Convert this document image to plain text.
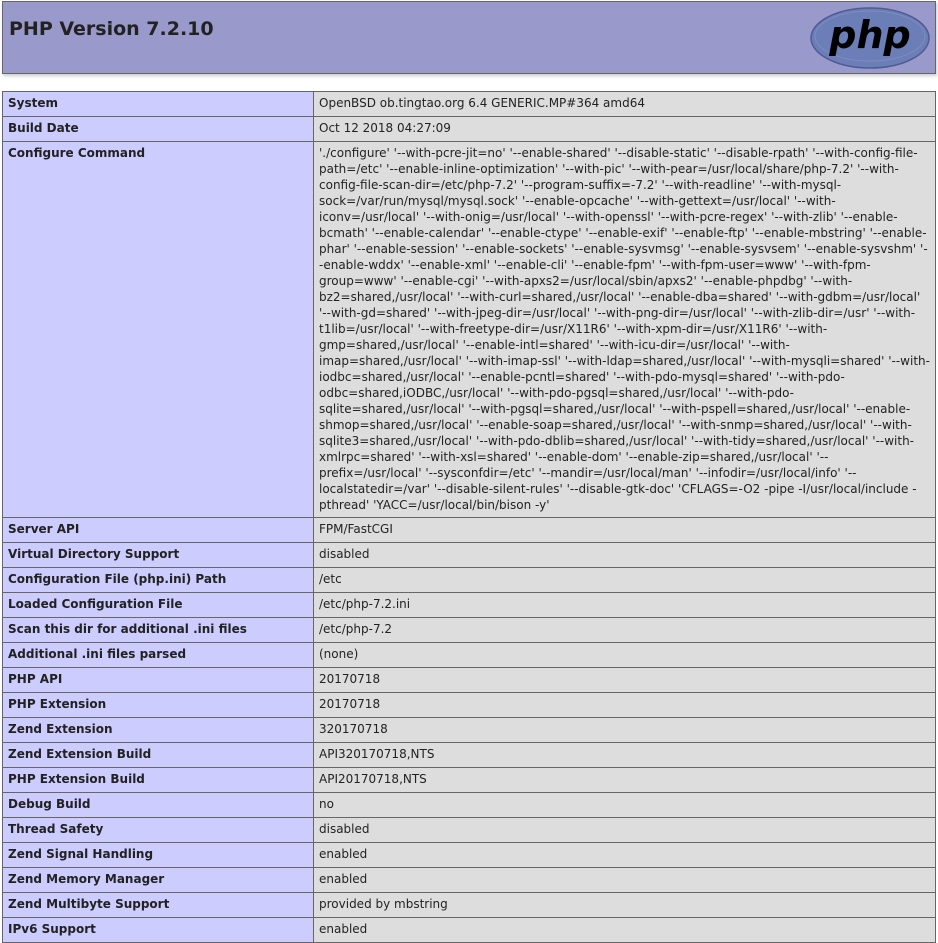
PHP Version 7.2.10	php
System	OpenBSD ob.tingtao.org 6.4 GENERIC.MP#364 amd64
Build Date	Oct 12 2018 04:27:09
Configure Command	'./configure' '--with-pcre-jit=no' '--enable-shared' '--disable-static' '--disable-rpath' '--with-config-file-path=/etc' '--enable-inline-optimization' '--with-pic' '--with-pear=/usr/local/share/php-7.2' '--with-config-file-scan-dir=/etc/php-7.2' '--program-suffix=-7.2' '--with-readline' '--with-mysql-sock=/var/run/mysql/mysql.sock' '--enable-opcache' '--with-gettext=/usr/local' '--with-iconv=/usr/local' '--with-onig=/usr/local' '--with-openssl' '--with-pcre-regex' '--with-zlib' '--enable-bcmath' '--enable-calendar' '--enable-ctype' '--enable-exif' '--enable-ftp' '--enable-mbstring' '--enable-phar' '--enable-session' '--enable-sockets' '--enable-sysvmsg' '--enable-sysvsem' '--enable-sysvshm' '--enable-wddx' '--enable-xml' '--enable-cli' '--enable-fpm' '--with-fpm-user=www' '--with-fpm-group=www' '--enable-cgi' '--with-apxs2=/usr/local/sbin/apxs2' '--enable-phpdbg' '--with-bz2=shared,/usr/local' '--with-curl=shared,/usr/local' '--enable-dba=shared' '--with-gdbm=/usr/local' '--with-gd=shared' '--with-jpeg-dir=/usr/local' '--with-png-dir=/usr/local' '--with-zlib-dir=/usr' '--with-t1lib=/usr/local' '--with-freetype-dir=/usr/X11R6' '--with-xpm-dir=/usr/X11R6' '--with-gmp=shared,/usr/local' '--enable-intl=shared' '--with-icu-dir=/usr/local' '--with-imap=shared,/usr/local' '--with-imap-ssl' '--with-ldap=shared,/usr/local' '--with-mysqli=shared' '--with-iodbc=shared,/usr/local' '--enable-pcntl=shared' '--with-pdo-mysql=shared' '--with-pdo-odbc=shared,iODBC,/usr/local' '--with-pdo-pgsql=shared,/usr/local' '--with-pdo-sqlite=shared,/usr/local' '--with-pgsql=shared,/usr/local' '--with-pspell=shared,/usr/local' '--enable-shmop=shared,/usr/local' '--enable-soap=shared,/usr/local' '--with-snmp=shared,/usr/local' '--with-sqlite3=shared,/usr/local' '--with-pdo-dblib=shared,/usr/local' '--with-tidy=shared,/usr/local' '--with-xmlrpc=shared' '--with-xsl=shared' '--enable-dom' '--enable-zip=shared,/usr/local' '--prefix=/usr/local' '--sysconfdir=/etc' '--mandir=/usr/local/man' '--infodir=/usr/local/info' '--localstatedir=/var' '--disable-silent-rules' '--disable-gtk-doc' 'CFLAGS=-O2 -pipe -I/usr/local/include -pthread' 'YACC=/usr/local/bin/bison -y'
Server API	FPM/FastCGI
Virtual Directory Support	disabled
Configuration File (php.ini) Path	/etc
Loaded Configuration File	/etc/php-7.2.ini
Scan this dir for additional .ini files	/etc/php-7.2
Additional .ini files parsed	(none)
PHP API	20170718
PHP Extension	20170718
Zend Extension	320170718
Zend Extension Build	API320170718,NTS
PHP Extension Build	API20170718,NTS
Debug Build	no
Thread Safety	disabled
Zend Signal Handling	enabled
Zend Memory Manager	enabled
Zend Multibyte Support	provided by mbstring
IPv6 Support	enabled
